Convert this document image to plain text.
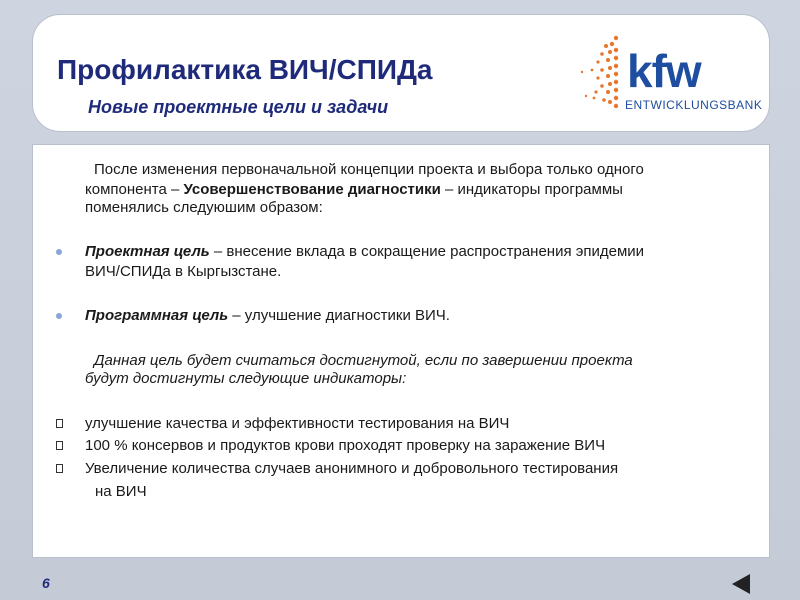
Профилактика ВИЧ/СПИДа
Новые проектные цели и задачи
kfw
ENTWICKLUNGSBANK
После изменения первоначальной концепции проекта и выбора только одного
компонента – Усовершенствование диагностики – индикаторы программы
поменялись следуюшим образом:
Проектная цель – внесение вклада в сокращение распространения эпидемии
ВИЧ/СПИДа в Кыргызстане.
Программная цель – улучшение диагностики ВИЧ.
Данная цель будет считаться достигнутой, если по завершении проекта
будут достигнуты следующие индикаторы:
улучшение качества и эффективности тестирования на ВИЧ
100 % консервов и продуктов крови проходят проверку на заражение ВИЧ
Увеличение количества случаев анонимного и добровольного тестирования
на ВИЧ
6
